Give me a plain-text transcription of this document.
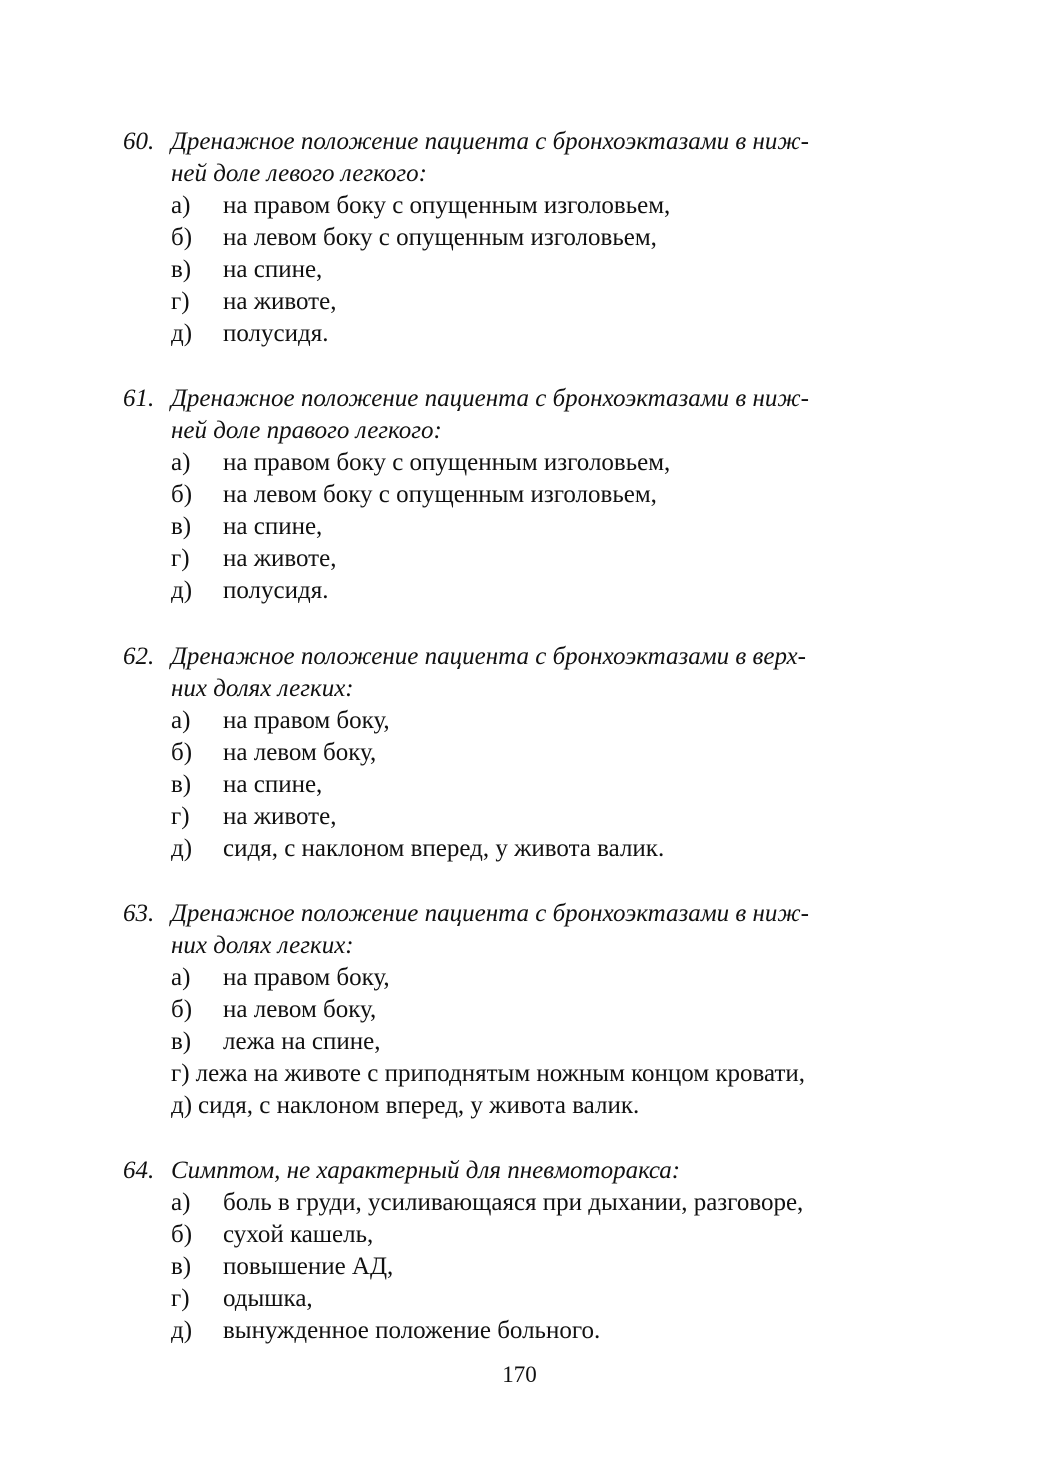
60. Дренажное положение пациента с бронхоэктазами в ниж-
ней доле левого легкого:

а) на правом боку с опущенным изголовьем,
б) на левом боку с опущенным изголовьем,
в) на спине,
г) на животе,
д) полусидя.

61. Дренажное положение пациента с бронхоэктазами в ниж-
ней доле правого легкого:

а) на правом боку с опущенным изголовьем,
б) на левом боку с опущенным изголовьем,
в) на спине,
г) на животе,
д) полусидя.

62. Дренажное положение пациента с бронхоэктазами в верх-
них долях легких:

а) на правом боку,
б) на левом боку,
в) на спине,
г) на животе,
д) сидя, с наклоном вперед, у живота валик.

63. Дренажное положение пациента с бронхоэктазами в ниж-
них долях легких:

а) на правом боку,
б) на левом боку,
в) лежа на спине,
г) лежа на животе с приподнятым ножным концом кровати,
д) сидя, с наклоном вперед, у живота валик.

64. Симптом, не характерный для пневмоторакса:

а) боль в груди, усиливающаяся при дыхании, разговоре,
б) сухой кашель,
в) повышение АД,
г) одышка,
д) вынужденное положение больного.
170
